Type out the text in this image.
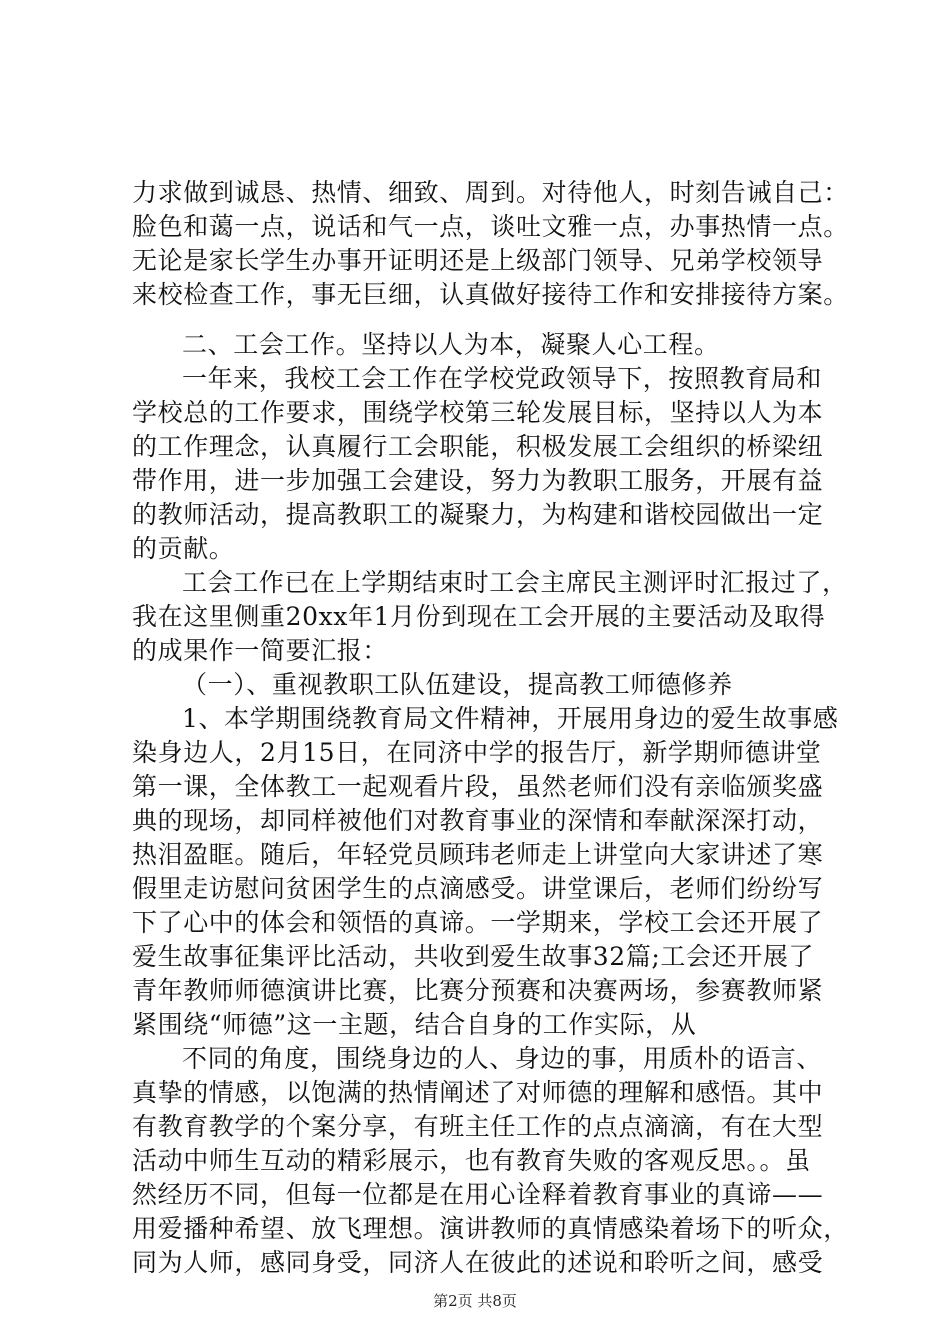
力求做到诚恳、热情、细致、周到。对待他人，时刻告诫自己：
脸色和蔼一点，说话和气一点，谈吐文雅一点，办事热情一点。
无论是家长学生办事开证明还是上级部门领导、兄弟学校领导
来校检查工作，事无巨细，认真做好接待工作和安排接待方案。
二、工会工作。坚持以人为本，凝聚人心工程。
一年来，我校工会工作在学校党政领导下，按照教育局和
学校总的工作要求，围绕学校第三轮发展目标，坚持以人为本
的工作理念，认真履行工会职能，积极发展工会组织的桥梁纽
带作用，进一步加强工会建设，努力为教职工服务，开展有益
的教师活动，提高教职工的凝聚力，为构建和谐校园做出一定
的贡献。
工会工作已在上学期结束时工会主席民主测评时汇报过了，
我在这里侧重20xx年1月份到现在工会开展的主要活动及取得
的成果作一简要汇报：
（一）、重视教职工队伍建设，提高教工师德修养
1、本学期围绕教育局文件精神，开展用身边的爱生故事感
染身边人，2月15日，在同济中学的报告厅，新学期师德讲堂
第一课，全体教工一起观看片段，虽然老师们没有亲临颁奖盛
典的现场，却同样被他们对教育事业的深情和奉献深深打动，
热泪盈眶。随后，年轻党员顾玮老师走上讲堂向大家讲述了寒
假里走访慰问贫困学生的点滴感受。讲堂课后，老师们纷纷写
下了心中的体会和领悟的真谛。一学期来，学校工会还开展了
爱生故事征集评比活动，共收到爱生故事32篇;工会还开展了
青年教师师德演讲比赛，比赛分预赛和决赛两场，参赛教师紧
紧围绕“师德”这一主题，结合自身的工作实际，从
不同的角度，围绕身边的人、身边的事，用质朴的语言、
真挚的情感，以饱满的热情阐述了对师德的理解和感悟。其中
有教育教学的个案分享，有班主任工作的点点滴滴，有在大型
活动中师生互动的精彩展示，也有教育失败的客观反思。。虽
然经历不同，但每一位都是在用心诠释着教育事业的真谛——
用爱播种希望、放飞理想。演讲教师的真情感染着场下的听众，
同为人师，感同身受，同济人在彼此的述说和聆听之间，感受
第2页 共8页
